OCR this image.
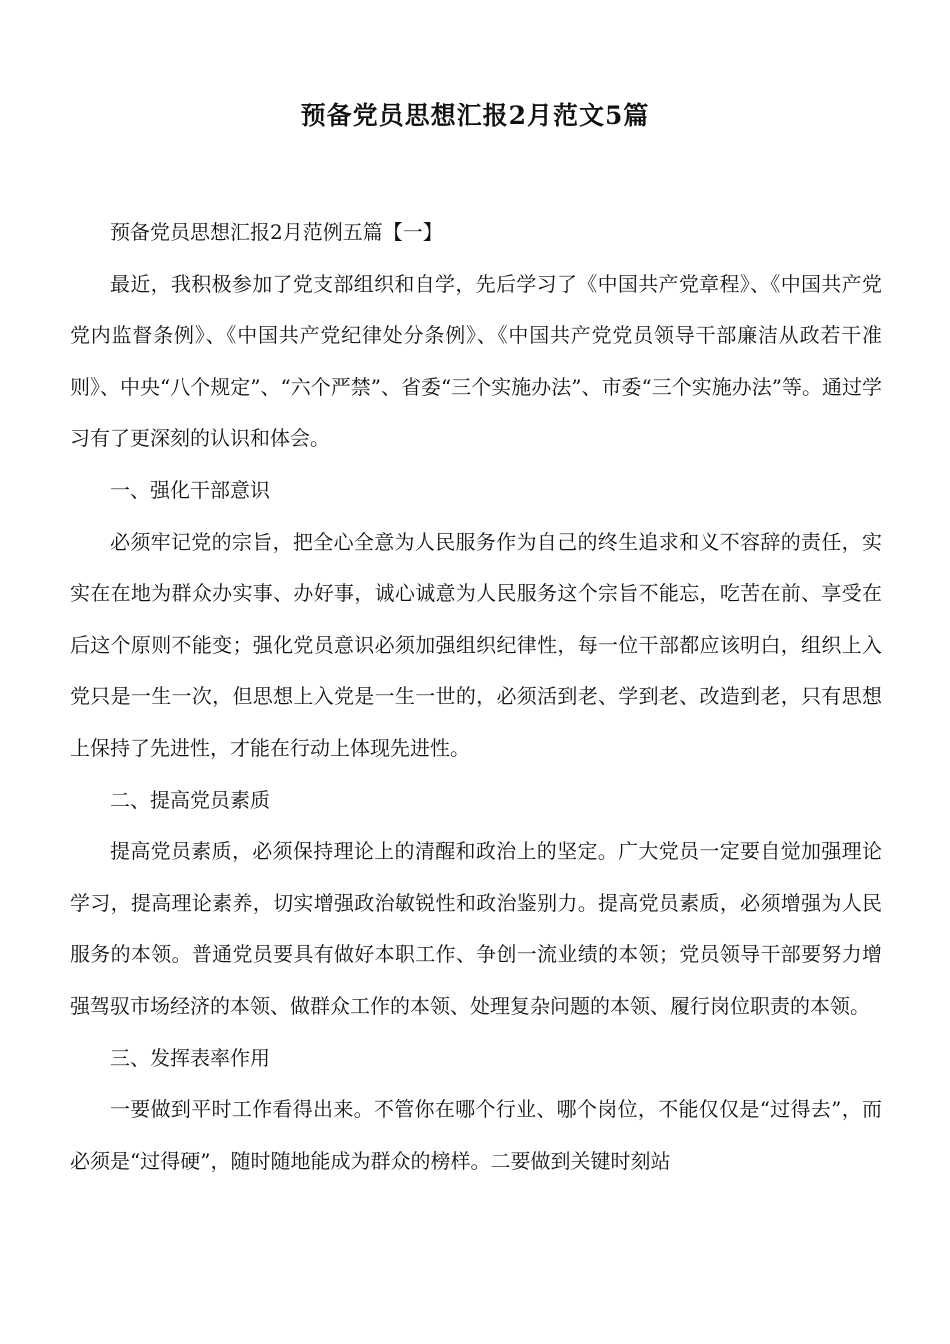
预备党员思想汇报2月范文5篇

预备党员思想汇报2月范例五篇【一】

最近，我积极参加了党支部组织和自学，先后学习了《中国共产党章程》、《中国共产党党内监督条例》、《中国共产党纪律处分条例》、《中国共产党党员领导干部廉洁从政若干准则》、中央“八个规定”、“六个严禁”、省委“三个实施办法”、市委“三个实施办法”等。通过学习有了更深刻的认识和体会。

一、强化干部意识

必须牢记党的宗旨，把全心全意为人民服务作为自己的终生追求和义不容辞的责任，实实在在地为群众办实事、办好事，诚心诚意为人民服务这个宗旨不能忘，吃苦在前、享受在后这个原则不能变；强化党员意识必须加强组织纪律性，每一位干部都应该明白，组织上入党只是一生一次，但思想上入党是一生一世的，必须活到老、学到老、改造到老，只有思想上保持了先进性，才能在行动上体现先进性。

二、提高党员素质

提高党员素质，必须保持理论上的清醒和政治上的坚定。广大党员一定要自觉加强理论学习，提高理论素养，切实增强政治敏锐性和政治鉴别力。提高党员素质，必须增强为人民服务的本领。普通党员要具有做好本职工作、争创一流业绩的本领；党员领导干部要努力增强驾驭市场经济的本领、做群众工作的本领、处理复杂问题的本领、履行岗位职责的本领。

三、发挥表率作用

一要做到平时工作看得出来。不管你在哪个行业、哪个岗位，不能仅仅是“过得去”，而必须是“过得硬”，随时随地能成为群众的榜样。二要做到关键时刻站
